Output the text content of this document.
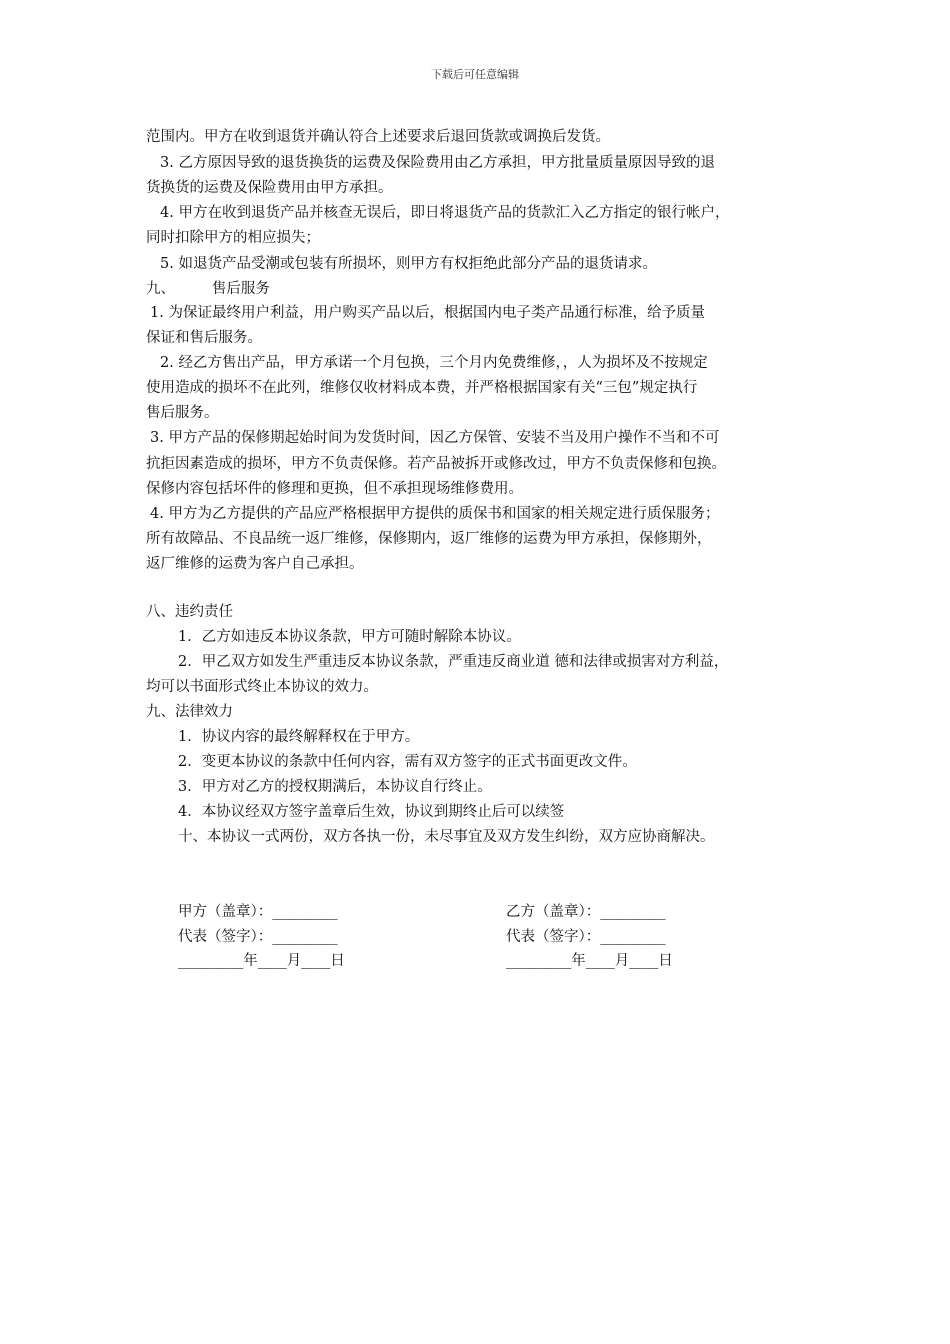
下载后可任意编辑
范围内。甲方在收到退货并确认符合上述要求后退回货款或调换后发货。
3. 乙方原因导致的退货换货的运费及保险费用由乙方承担，甲方批量质量原因导致的退
货换货的运费及保险费用由甲方承担。
4. 甲方在收到退货产品并核查无误后，即日将退货产品的货款汇入乙方指定的银行帐户，
同时扣除甲方的相应损失；
5. 如退货产品受潮或包装有所损坏，则甲方有权拒绝此部分产品的退货请求。
九、        售后服务
1. 为保证最终用户利益，用户购买产品以后，根据国内电子类产品通行标准，给予质量
保证和售后服务。
2. 经乙方售出产品，甲方承诺一个月包换，三个月内免费维修，，人为损坏及不按规定
使用造成的损坏不在此列，维修仅收材料成本费，并严格根据国家有关“三包”规定执行
售后服务。
3. 甲方产品的保修期起始时间为发货时间，因乙方保管、安装不当及用户操作不当和不可
抗拒因素造成的损坏，甲方不负责保修。若产品被拆开或修改过，甲方不负责保修和包换。
保修内容包括坏件的修理和更换，但不承担现场维修费用。
4. 甲方为乙方提供的产品应严格根据甲方提供的质保书和国家的相关规定进行质保服务；
所有故障品、不良品统一返厂维修，保修期内，返厂维修的运费为甲方承担，保修期外，
返厂维修的运费为客户自己承担。
八、违约责任
1．乙方如违反本协议条款，甲方可随时解除本协议。
2．甲乙双方如发生严重违反本协议条款，严重违反商业道 德和法律或损害对方利益，
均可以书面形式终止本协议的效力。
九、法律效力
1．协议内容的最终解释权在于甲方。
2．变更本协议的条款中任何内容，需有双方签字的正式书面更改文件。
3．甲方对乙方的授权期满后，本协议自行终止。
4．本协议经双方签字盖章后生效，协议到期终止后可以续签
十、本协议一式两份，双方各执一份，未尽事宜及双方发生纠纷，双方应协商解决。
甲方（盖章）：_________
代表（签字）：_________
_________年____月____日
乙方（盖章）：_________
代表（签字）：_________
_________年____月____日
